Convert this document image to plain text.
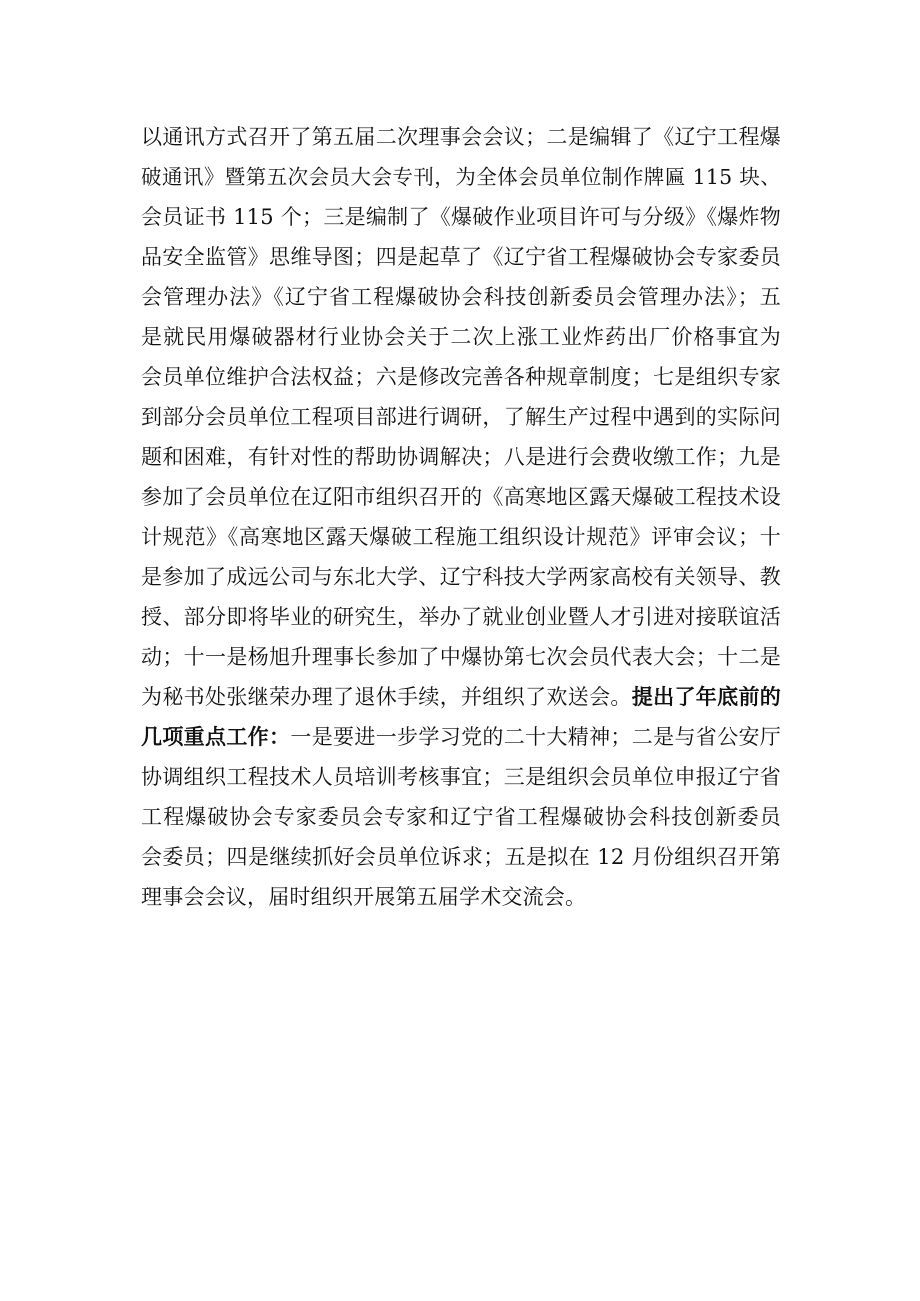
以通讯方式召开了第五届二次理事会会议；二是编辑了《辽宁工程爆
破通讯》暨第五次会员大会专刊，为全体会员单位制作牌匾 115 块、
会员证书 115 个；三是编制了《爆破作业项目许可与分级》《爆炸物
品安全监管》思维导图；四是起草了《辽宁省工程爆破协会专家委员
会管理办法》《辽宁省工程爆破协会科技创新委员会管理办法》；五
是就民用爆破器材行业协会关于二次上涨工业炸药出厂价格事宜为
会员单位维护合法权益；六是修改完善各种规章制度；七是组织专家
到部分会员单位工程项目部进行调研，了解生产过程中遇到的实际问
题和困难，有针对性的帮助协调解决；八是进行会费收缴工作；九是
参加了会员单位在辽阳市组织召开的《高寒地区露天爆破工程技术设
计规范》《高寒地区露天爆破工程施工组织设计规范》评审会议；十
是参加了成远公司与东北大学、辽宁科技大学两家高校有关领导、教
授、部分即将毕业的研究生，举办了就业创业暨人才引进对接联谊活
动；十一是杨旭升理事长参加了中爆协第七次会员代表大会；十二是
为秘书处张继荣办理了退休手续，并组织了欢送会。提出了年底前的
几项重点工作：一是要进一步学习党的二十大精神；二是与省公安厅
协调组织工程技术人员培训考核事宜；三是组织会员单位申报辽宁省
工程爆破协会专家委员会专家和辽宁省工程爆破协会科技创新委员
会委员；四是继续抓好会员单位诉求；五是拟在 12 月份组织召开第
理事会会议，届时组织开展第五届学术交流会。
